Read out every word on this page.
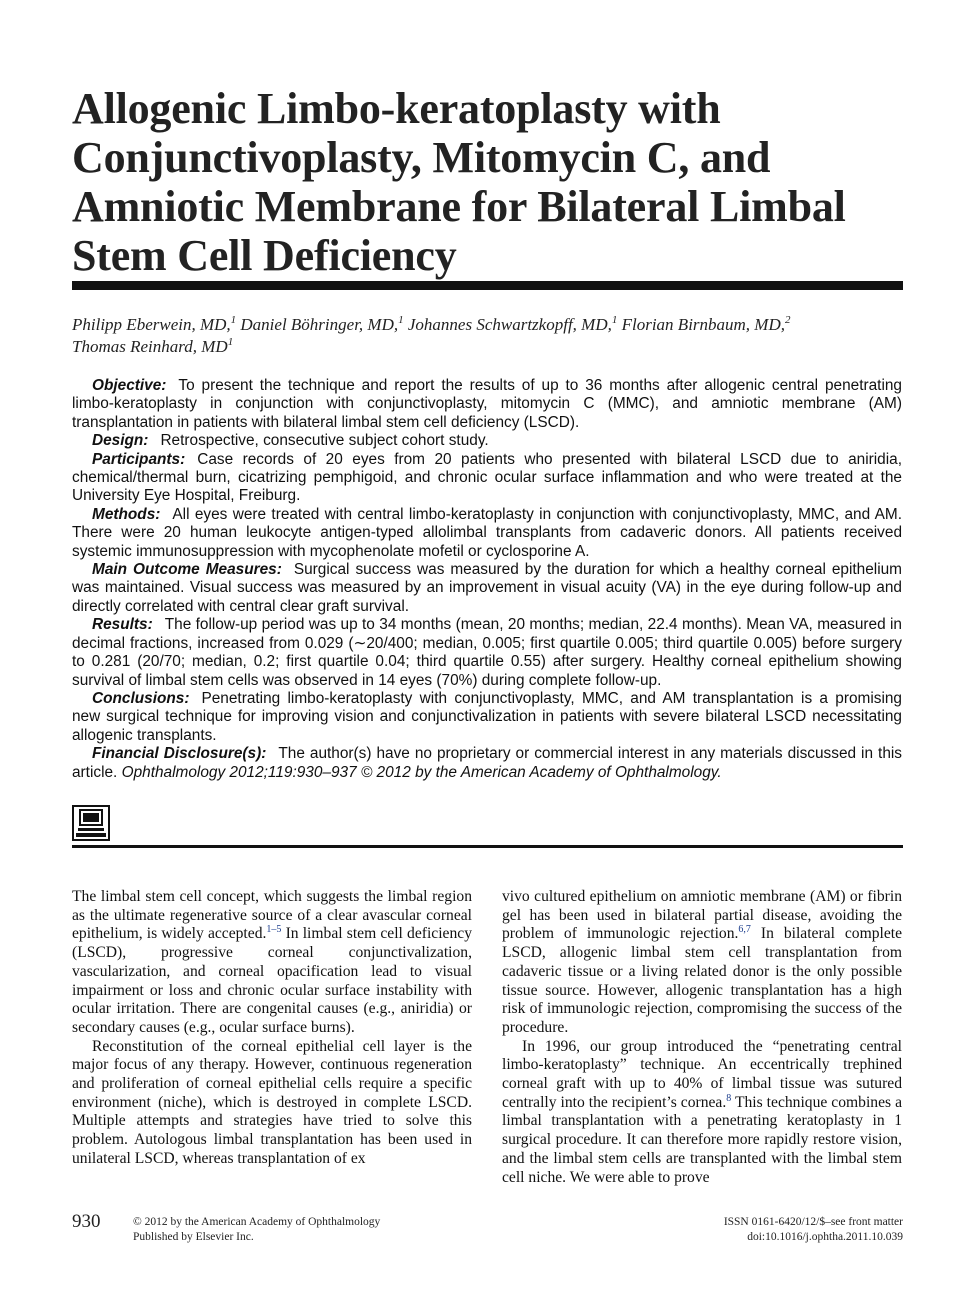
Allogenic Limbo-keratoplasty with Conjunctivoplasty, Mitomycin C, and Amniotic Membrane for Bilateral Limbal Stem Cell Deficiency
Philipp Eberwein, MD,$^1$ Daniel Böhringer, MD,$^1$ Johannes Schwartzkopff, MD,$^1$ Florian Birnbaum, MD,$^2$
Thomas Reinhard, $MD^1$

Objective: To present the technique and report the results of up to 36 months after allogenic central penetrating limbo-keratoplasty in conjunction with conjunctivoplasty, mitomycin C (MMC), and amniotic membrane (AM) transplantation in patients with bilateral limbal stem cell deficiency (LSCD).

Design: Retrospective, consecutive subject cohort study.

Participants: Case records of 20 eyes from 20 patients who presented with bilateral LSCD due to aniridia, chemical/thermal burn, cicatrizing pemphigoid, and chronic ocular surface inflammation and who were treated at the University Eye Hospital, Freiburg.

Methods: All eyes were treated with central limbo-keratoplasty in conjunction with conjunctivoplasty, MMC, and AM. There were 20 human leukocyte antigen-typed allolimbal transplants from cadaveric donors. All patients received systemic immunosuppression with mycophenolate mofetil or cyclosporine A.

Main Outcome Measures: Surgical success was measured by the duration for which a healthy corneal epithelium was maintained. Visual success was measured by an improvement in visual acuity (VA) in the eye during follow-up and directly correlated with central clear graft survival.

Results: The follow-up period was up to 34 months (mean, 20 months; median, 22.4 months). Mean VA, measured in decimal fractions, increased from 0.029 (∼20/400; median, 0.005; first quartile 0.005; third quartile 0.005) before surgery to 0.281 (20/70; median, 0.2; first quartile 0.04; third quartile 0.55) after surgery. Healthy corneal epithelium showing survival of limbal stem cells was observed in 14 eyes (70%) during complete follow-up.

Conclusions: Penetrating limbo-keratoplasty with conjunctivoplasty, MMC, and AM transplantation is a promising new surgical technique for improving vision and conjunctivalization in patients with severe bilateral LSCD necessitating allogenic transplants.

Financial Disclosure(s): The author(s) have no proprietary or commercial interest in any materials discussed in this article. Ophthalmology 2012;119:930–937 © 2012 by the American Academy of Ophthalmology.

The limbal stem cell concept, which suggests the limbal region as the ultimate regenerative source of a clear avascular corneal epithelium, is widely accepted.$^{1-5}$ In limbal stem cell deficiency (LSCD), progressive corneal conjunctivalization, vascularization, and corneal opacification lead to visual impairment or loss and chronic ocular surface instability with ocular irritation. There are congenital causes (e.g., aniridia) or secondary causes (e.g., ocular surface burns).

Reconstitution of the corneal epithelial cell layer is the major focus of any therapy. However, continuous regeneration and proliferation of corneal epithelial cells require a specific environment (niche), which is destroyed in complete LSCD. Multiple attempts and strategies have tried to solve this problem. Autologous limbal transplantation has been used in unilateral LSCD, whereas transplantation of ex

vivo cultured epithelium on amniotic membrane (AM) or fibrin gel has been used in bilateral partial disease, avoiding the problem of immunologic rejection.$^{6,7}$ In bilateral complete LSCD, allogenic limbal stem cell transplantation from cadaveric tissue or a living related donor is the only possible tissue source. However, allogenic transplantation has a high risk of immunologic rejection, compromising the success of the procedure.

In 1996, our group introduced the “penetrating central limbo-keratoplasty” technique. An eccentrically trephined corneal graft with up to 40% of limbal tissue was sutured centrally into the recipient’s cornea.$^8$ This technique combines a limbal transplantation with a penetrating keratoplasty in 1 surgical procedure. It can therefore more rapidly restore vision, and the limbal stem cells are transplanted with the limbal stem cell niche. We were able to prove

930	© 2012 by the American Academy of Ophthalmology
Published by Elsevier Inc.
ISSN 0161-6420/12/$–see front matter
doi:10.1016/j.ophtha.2011.10.039
